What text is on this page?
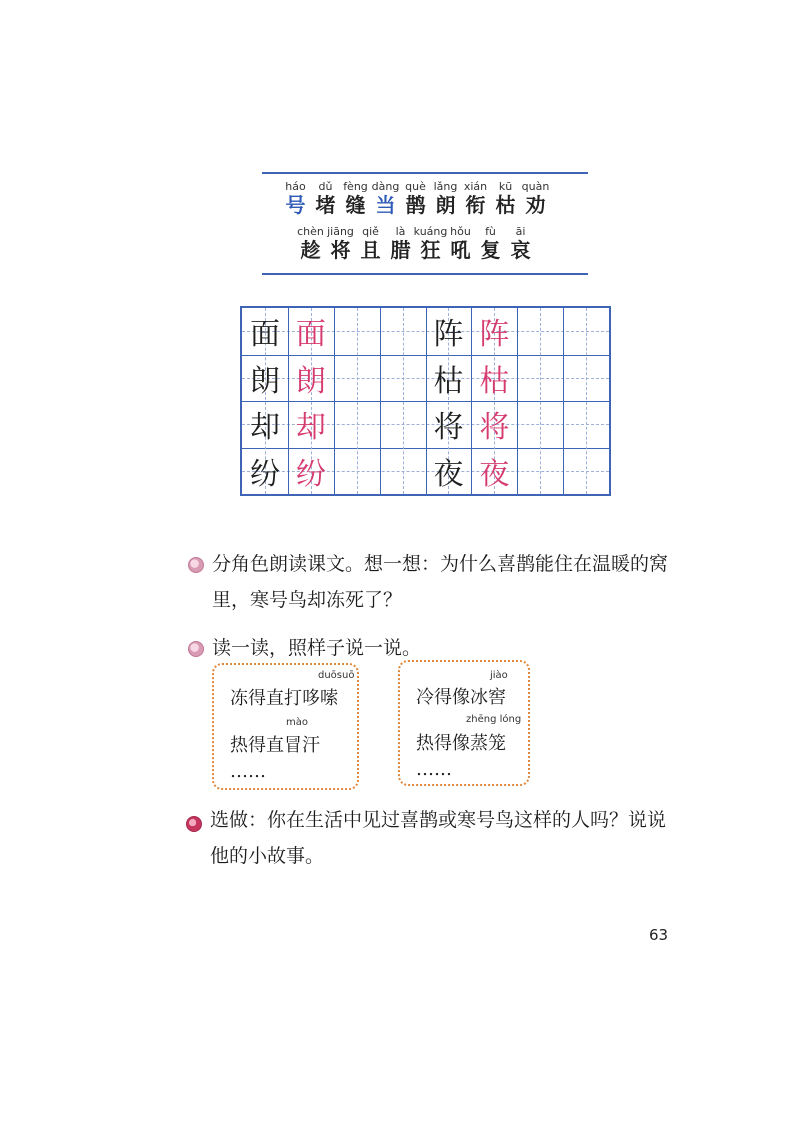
háo
号
dǔ
堵
fèng
缝
dàng
当
què
鹊
lǎng
朗
xián
衔
kū
枯
quàn
劝
chèn
趁
jiāng
将
qiě
且
là
腊
kuáng
狂
hǒu
吼
fù
复
āi
哀
面 面	阵 阵
朗 朗	枯 枯
却 却	将 将
纷 纷	夜 夜
分角色朗读课文。想一想：为什么喜鹊能住在温暖的窝
里，寒号鸟却冻死了？
读一读，照样子说一说。
duōsuō
冻得直打哆嗦
mào
热得直冒汗
……
jiào
冷得像冰窖
zhēng lóng
热得像蒸笼
……
选做：你在生活中见过喜鹊或寒号鸟这样的人吗？说说
他的小故事。
63
